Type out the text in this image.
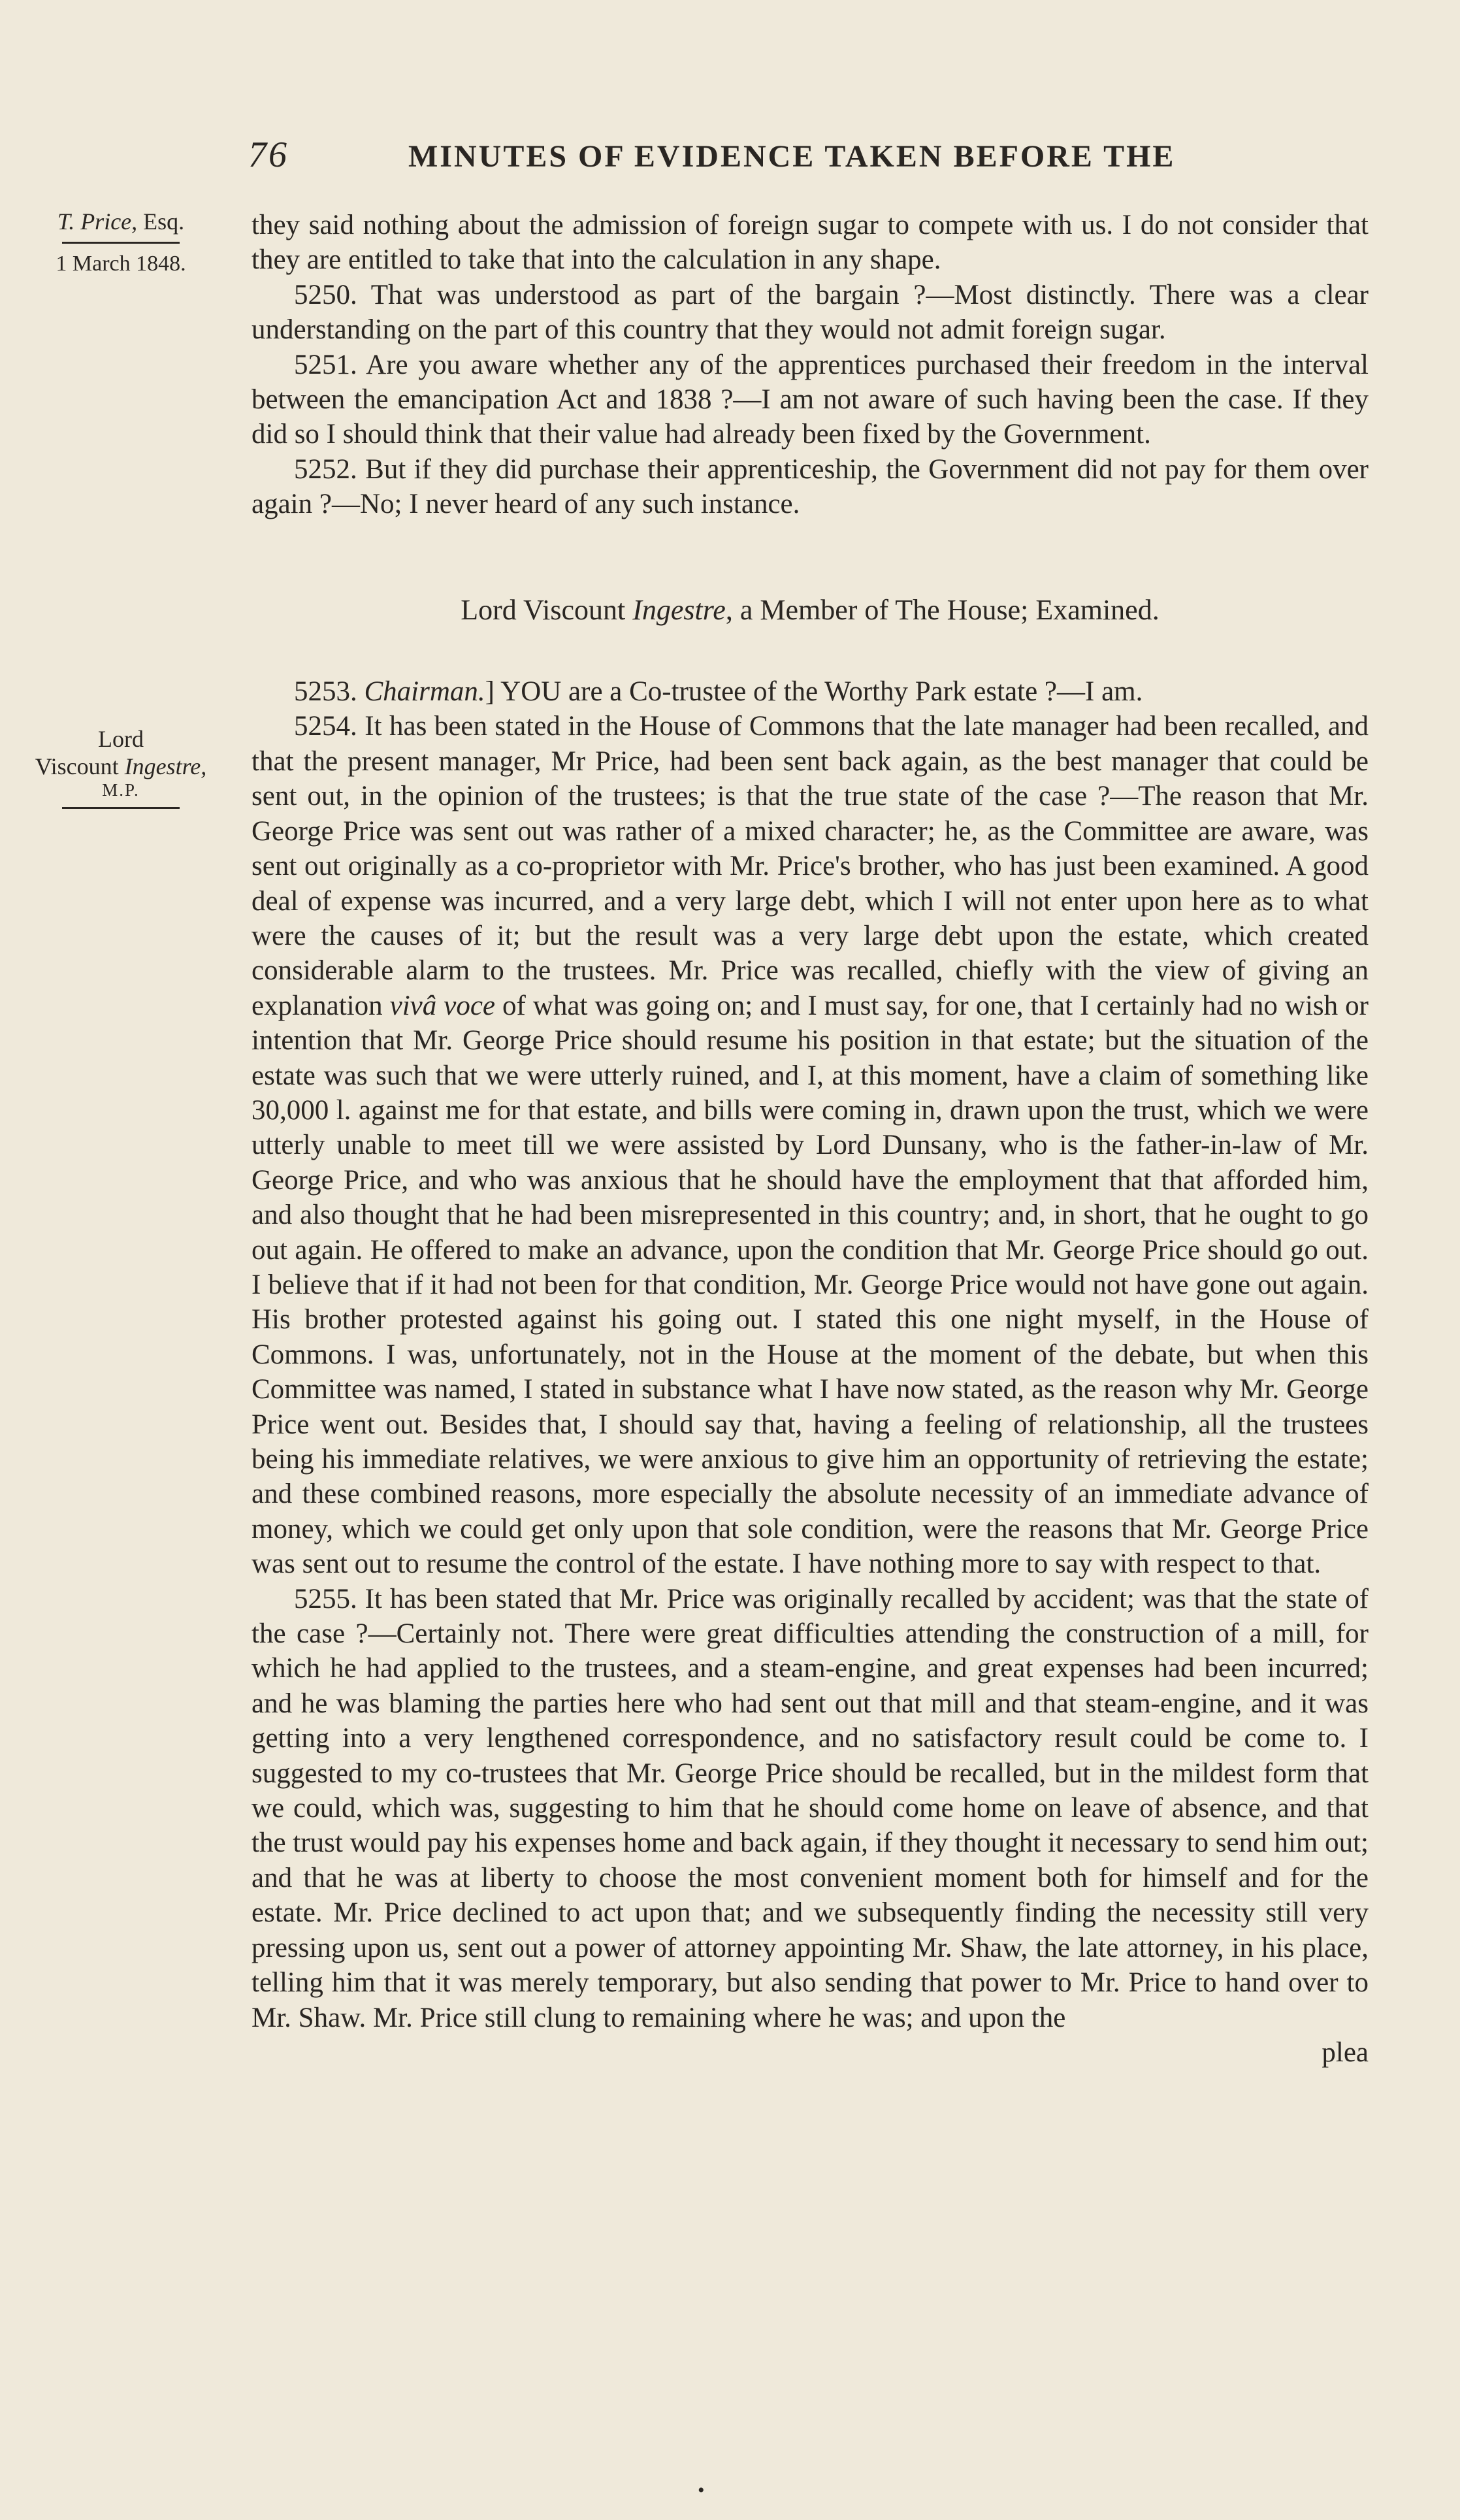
76	MINUTES OF EVIDENCE TAKEN BEFORE THE
T. Price, Esq.
1 March 1848.
Lord
Viscount Ingestre,
M.P.

they said nothing about the admission of foreign sugar to compete with us. I do not consider that they are entitled to take that into the calculation in any shape.

5250. That was understood as part of the bargain ?—Most distinctly. There was a clear understanding on the part of this country that they would not admit foreign sugar.

5251. Are you aware whether any of the apprentices purchased their freedom in the interval between the emancipation Act and 1838 ?—I am not aware of such having been the case. If they did so I should think that their value had already been fixed by the Government.

5252. But if they did purchase their apprenticeship, the Government did not pay for them over again ?—No; I never heard of any such instance.

Lord Viscount Ingestre, a Member of The House; Examined.

5253. Chairman.] YOU are a Co-trustee of the Worthy Park estate ?—I am.

5254. It has been stated in the House of Commons that the late manager had been recalled, and that the present manager, Mr Price, had been sent back again, as the best manager that could be sent out, in the opinion of the trustees; is that the true state of the case ?—The reason that Mr. George Price was sent out was rather of a mixed character; he, as the Committee are aware, was sent out originally as a co-proprietor with Mr. Price's brother, who has just been examined. A good deal of expense was incurred, and a very large debt, which I will not enter upon here as to what were the causes of it; but the result was a very large debt upon the estate, which created considerable alarm to the trustees. Mr. Price was recalled, chiefly with the view of giving an explanation vivâ voce of what was going on; and I must say, for one, that I certainly had no wish or intention that Mr. George Price should resume his position in that estate; but the situation of the estate was such that we were utterly ruined, and I, at this moment, have a claim of something like 30,000 l. against me for that estate, and bills were coming in, drawn upon the trust, which we were utterly unable to meet till we were assisted by Lord Dunsany, who is the father-in-law of Mr. George Price, and who was anxious that he should have the employment that that afforded him, and also thought that he had been misrepresented in this country; and, in short, that he ought to go out again. He offered to make an advance, upon the condition that Mr. George Price should go out. I believe that if it had not been for that condition, Mr. George Price would not have gone out again. His brother protested against his going out. I stated this one night myself, in the House of Commons. I was, unfortunately, not in the House at the moment of the debate, but when this Committee was named, I stated in substance what I have now stated, as the reason why Mr. George Price went out. Besides that, I should say that, having a feeling of relationship, all the trustees being his immediate relatives, we were anxious to give him an opportunity of retrieving the estate; and these combined reasons, more especially the absolute necessity of an immediate advance of money, which we could get only upon that sole condition, were the reasons that Mr. George Price was sent out to resume the control of the estate. I have nothing more to say with respect to that.

5255. It has been stated that Mr. Price was originally recalled by accident; was that the state of the case ?—Certainly not. There were great difficulties attending the construction of a mill, for which he had applied to the trustees, and a steam-engine, and great expenses had been incurred; and he was blaming the parties here who had sent out that mill and that steam-engine, and it was getting into a very lengthened correspondence, and no satisfactory result could be come to. I suggested to my co-trustees that Mr. George Price should be recalled, but in the mildest form that we could, which was, suggesting to him that he should come home on leave of absence, and that the trust would pay his expenses home and back again, if they thought it necessary to send him out; and that he was at liberty to choose the most convenient moment both for himself and for the estate. Mr. Price declined to act upon that; and we subsequently finding the necessity still very pressing upon us, sent out a power of attorney appointing Mr. Shaw, the late attorney, in his place, telling him that it was merely temporary, but also sending that power to Mr. Price to hand over to Mr. Shaw. Mr. Price still clung to remaining where he was; and upon the

plea

•
